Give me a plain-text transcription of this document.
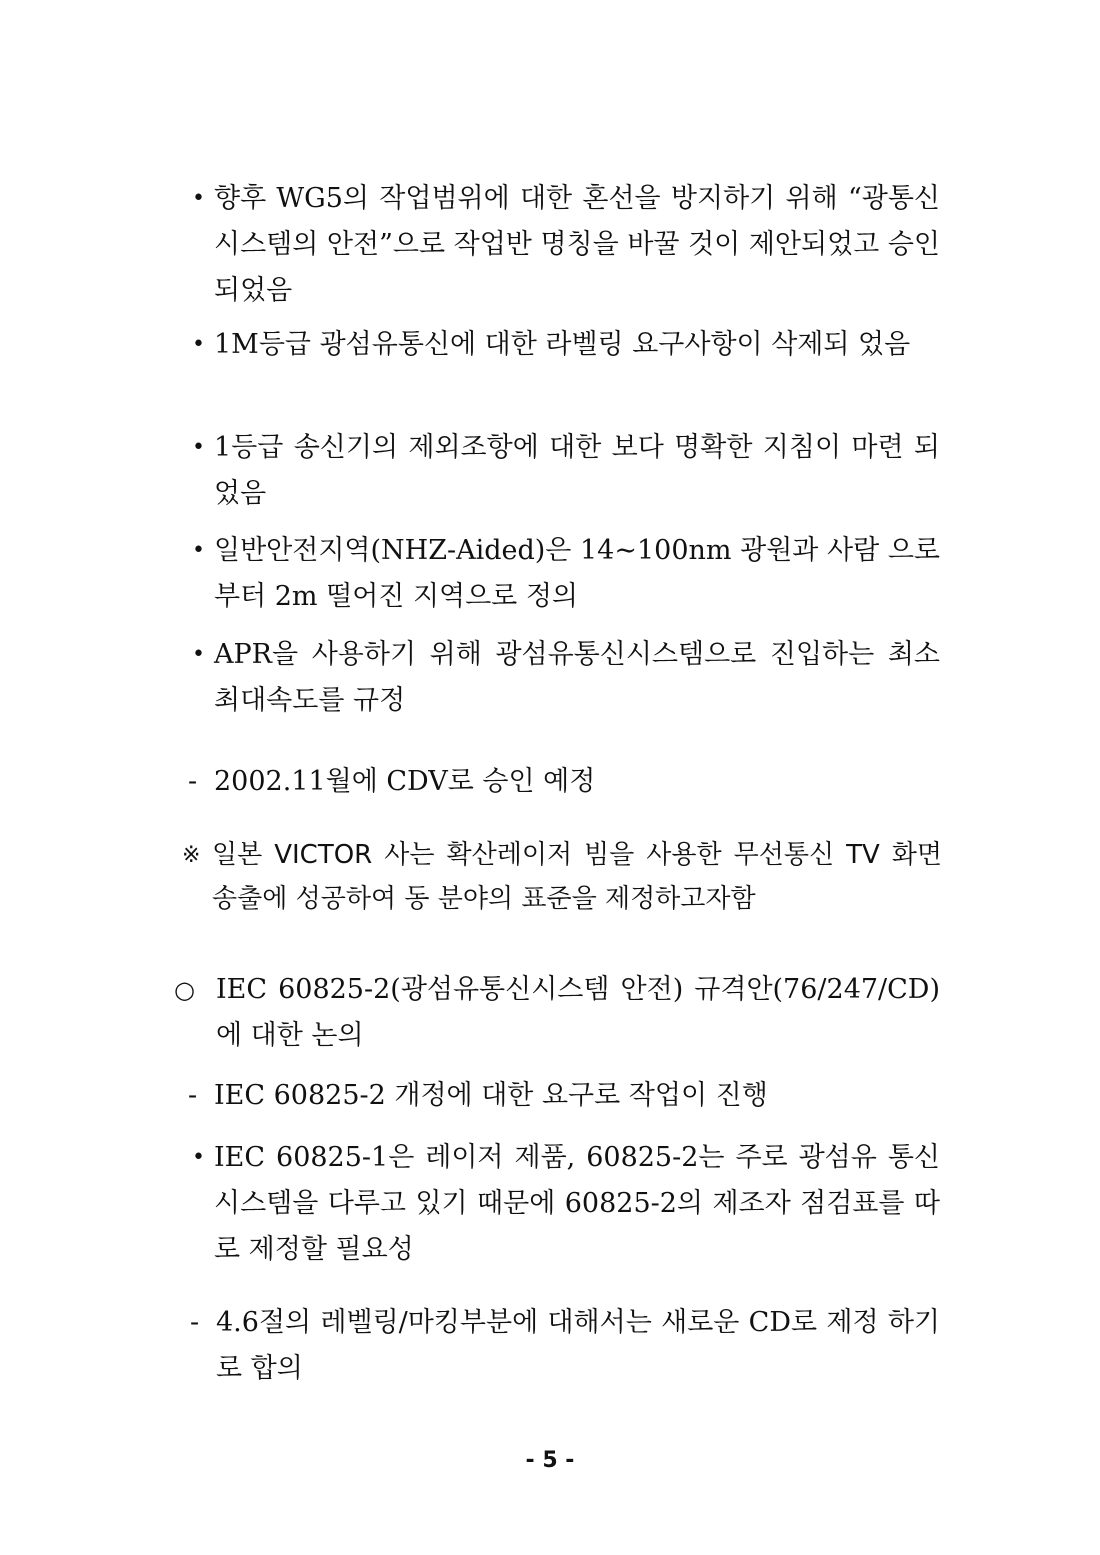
• 향후 WG5의 작업범위에 대한 혼선을 방지하기 위해 “광통신 시스템의 안전”으로 작업반 명칭을 바꿀 것이 제안되었고 승인 되었음
• 1M등급 광섬유통신에 대한 라벨링 요구사항이 삭제되 었음
• 1등급 송신기의 제외조항에 대한 보다 명확한 지침이 마련 되었음
• 일반안전지역(NHZ-Aided)은 14∼100nm 광원과 사람 으로부터 2m 떨어진 지역으로 정의
• APR을 사용하기 위해 광섬유통신시스템으로 진입하는 최소최대속도를 규정
- 2002.11월에 CDV로 승인 예정
※ 일본 VICTOR 사는 확산레이저 빔을 사용한 무선통신 TV 화면 송출에 성공하여 동 분야의 표준을 제정하고자함
○ IEC 60825-2(광섬유통신시스템 안전) 규격안(76/247/CD)에 대한 논의
- IEC 60825-2 개정에 대한 요구로 작업이 진행
• IEC 60825-1은 레이저 제품, 60825-2는 주로 광섬유 통신 시스템을 다루고 있기 때문에 60825-2의 제조자 점검표를 따로 제정할 필요성
- 4.6절의 레벨링/마킹부분에 대해서는 새로운 CD로 제정 하기로 합의
- 5 -
